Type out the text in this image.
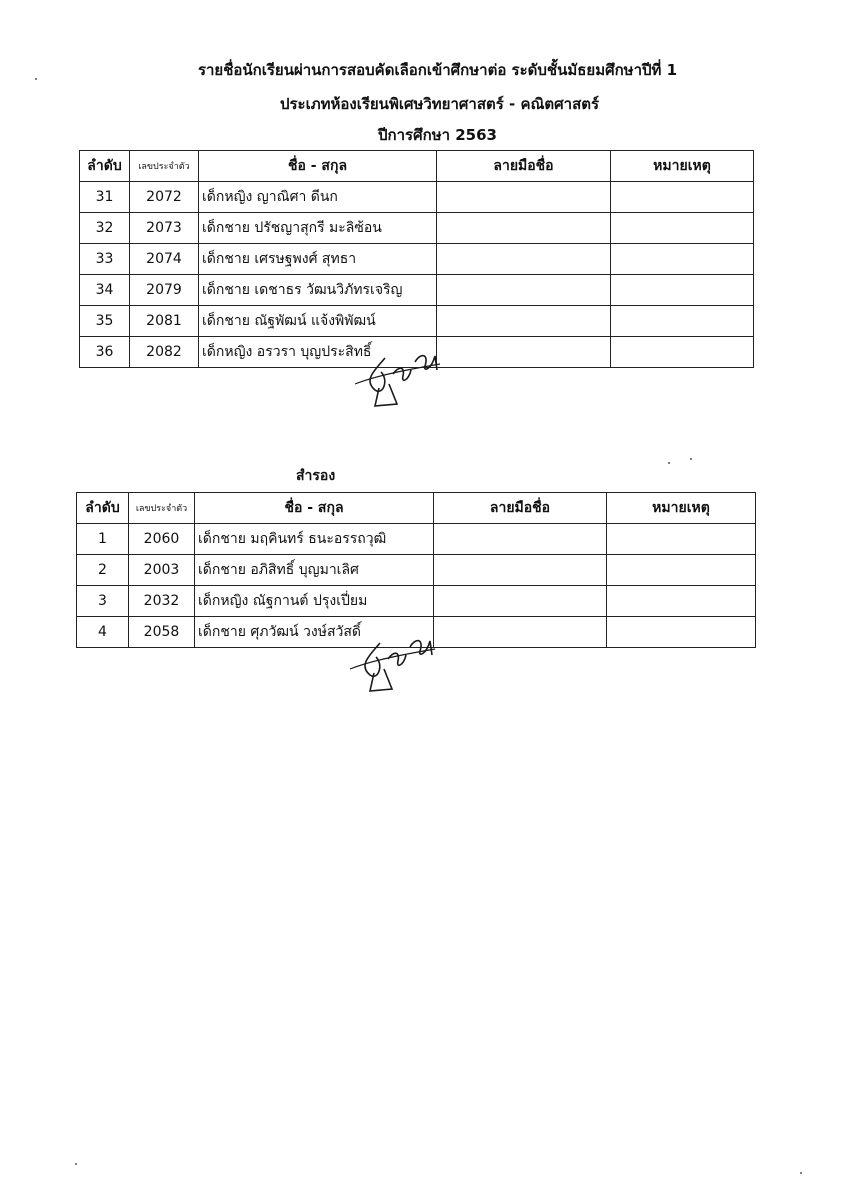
รายชื่อนักเรียนผ่านการสอบคัดเลือกเข้าศึกษาต่อ ระดับชั้นมัธยมศึกษาปีที่ 1
ประเภทห้องเรียนพิเศษวิทยาศาสตร์ - คณิตศาสตร์
ปีการศึกษา 2563
ลำดับ	เลขประจำตัว	ชื่อ - สกุล	ลายมือชื่อ	หมายเหตุ
31	2072	เด็กหญิง ญาณิศา ดีนก		
32	2073	เด็กชาย ปรัชญาสุกรี มะลิซ้อน		
33	2074	เด็กชาย เศรษฐพงศ์ สุทธา		
34	2079	เด็กชาย เดชาธร วัฒนวิภัทรเจริญ		
35	2081	เด็กชาย ณัฐพัฒน์ แจ้งพิพัฒน์		
36	2082	เด็กหญิง อรวรา บุญประสิทธิ์		
สำรอง
ลำดับ	เลขประจำตัว	ชื่อ - สกุล	ลายมือชื่อ	หมายเหตุ
1	2060	เด็กชาย มฤคินทร์ ธนะอรรถวุฒิ		
2	2003	เด็กชาย อภิสิทธิ์ บุญมาเลิศ		
3	2032	เด็กหญิง ณัฐกานต์ ปรุงเปี่ยม		
4	2058	เด็กชาย ศุภวัฒน์ วงษ์สวัสดิ์		
